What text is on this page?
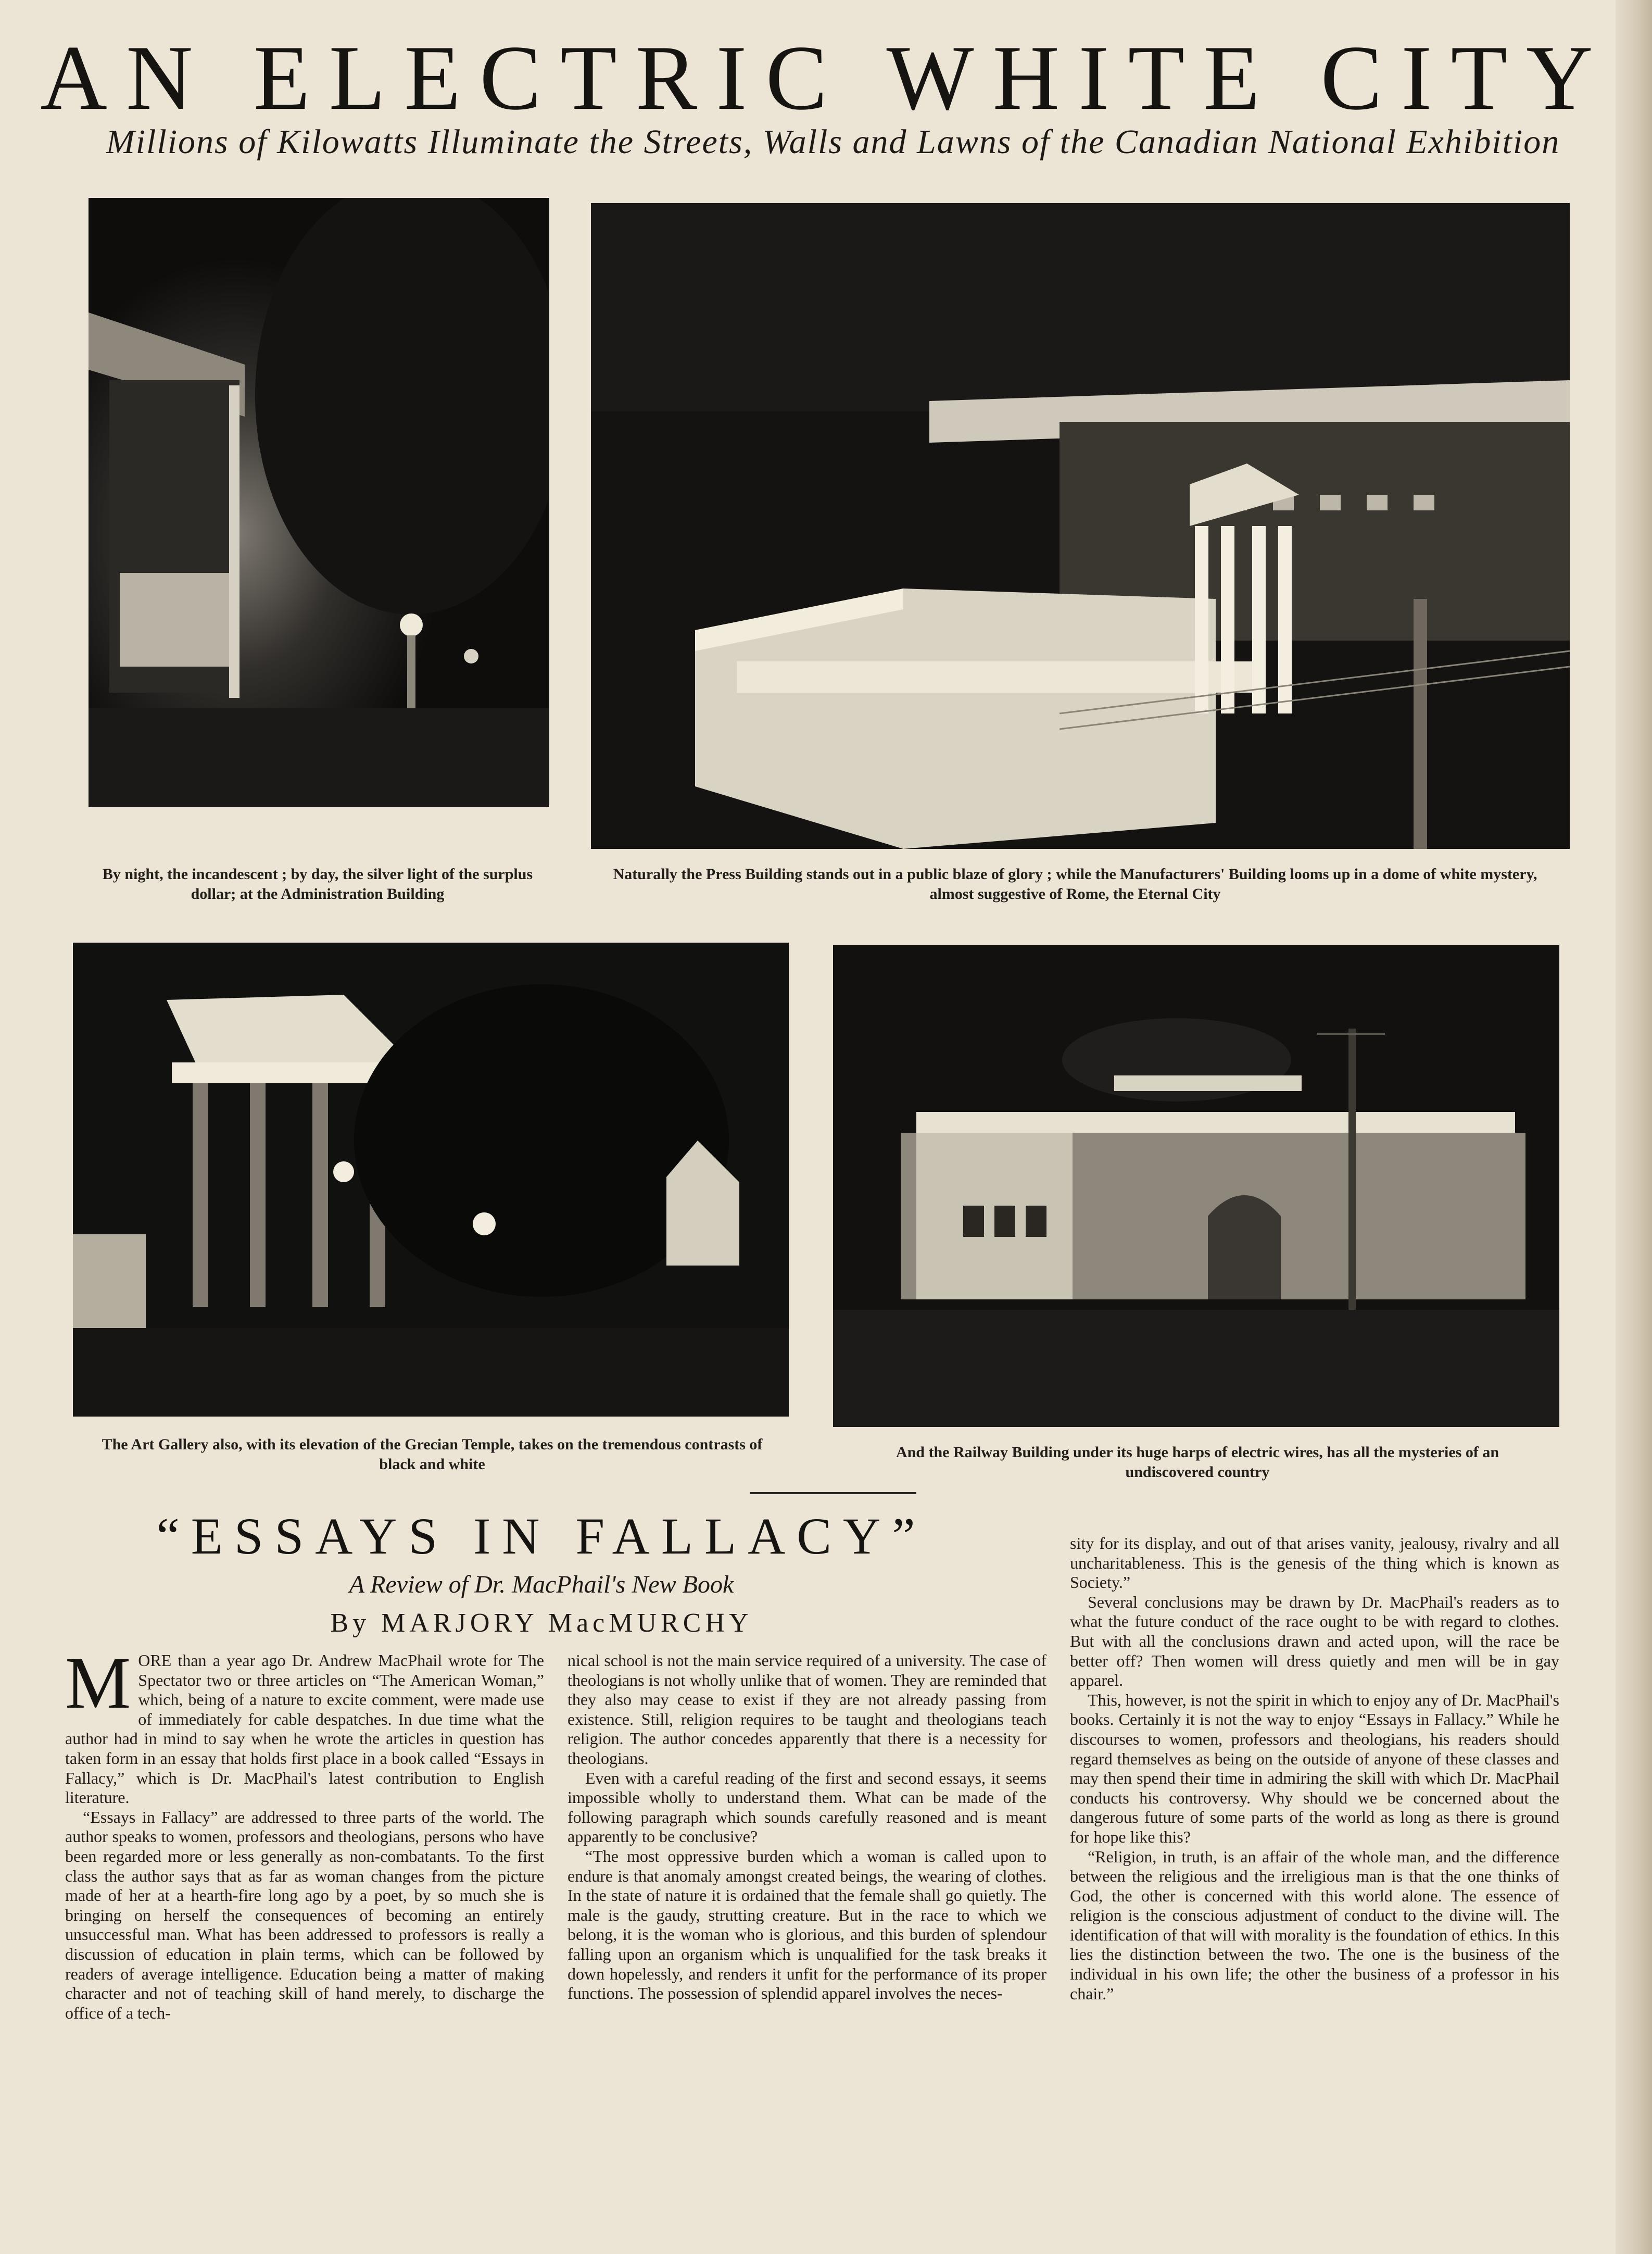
AN ELECTRIC WHITE CITY
Millions of Kilowatts Illuminate the Streets, Walls and Lawns of the Canadian National Exhibition
By night, the incandescent ; by day, the silver light of the surplus dollar; at the Administration Building
Naturally the Press Building stands out in a public blaze of glory ; while the Manufacturers' Building looms up in a dome of white mystery, almost suggestive of Rome, the Eternal City
The Art Gallery also, with its elevation of the Grecian Temple, takes on the tremendous contrasts of black and white
And the Railway Building under its huge harps of electric wires, has all the mysteries of an undiscovered country
“ESSAYS IN FALLACY”
A Review of Dr. MacPhail's New Book
By MARJORY MacMURCHY

MORE than a year ago Dr. Andrew MacPhail wrote for The Spectator two or three articles on “The American Woman,” which, being of a nature to excite comment, were made use of immediately for cable despatches. In due time what the author had in mind to say when he wrote the articles in question has taken form in an essay that holds first place in a book called “Essays in Fallacy,” which is Dr. MacPhail's latest contribution to English literature.

“Essays in Fallacy” are addressed to three parts of the world. The author speaks to women, professors and theologians, persons who have been regarded more or less generally as non-combatants. To the first class the author says that as far as woman changes from the picture made of her at a hearth-fire long ago by a poet, by so much she is bringing on herself the consequences of becoming an entirely unsuccessful man. What has been addressed to professors is really a discussion of education in plain terms, which can be followed by readers of average intelligence. Education being a matter of making character and not of teaching skill of hand merely, to discharge the office of a tech-

nical school is not the main service required of a university. The case of theologians is not wholly unlike that of women. They are reminded that they also may cease to exist if they are not already passing from existence. Still, religion requires to be taught and theologians teach religion. The author concedes apparently that there is a necessity for theologians.

Even with a careful reading of the first and second essays, it seems impossible wholly to understand them. What can be made of the following paragraph which sounds carefully reasoned and is meant apparently to be conclusive?

“The most oppressive burden which a woman is called upon to endure is that anomaly amongst created beings, the wearing of clothes. In the state of nature it is ordained that the female shall go quietly. The male is the gaudy, strutting creature. But in the race to which we belong, it is the woman who is glorious, and this burden of splendour falling upon an organism which is unqualified for the task breaks it down hopelessly, and renders it unfit for the performance of its proper functions. The possession of splendid apparel involves the neces-

sity for its display, and out of that arises vanity, jealousy, rivalry and all uncharitableness. This is the genesis of the thing which is known as Society.”

Several conclusions may be drawn by Dr. MacPhail's readers as to what the future conduct of the race ought to be with regard to clothes. But with all the conclusions drawn and acted upon, will the race be better off? Then women will dress quietly and men will be in gay apparel.

This, however, is not the spirit in which to enjoy any of Dr. MacPhail's books. Certainly it is not the way to enjoy “Essays in Fallacy.” While he discourses to women, professors and theologians, his readers should regard themselves as being on the outside of anyone of these classes and may then spend their time in admiring the skill with which Dr. MacPhail conducts his controversy. Why should we be concerned about the dangerous future of some parts of the world as long as there is ground for hope like this?

“Religion, in truth, is an affair of the whole man, and the difference between the religious and the irreligious man is that the one thinks of God, the other is concerned with this world alone. The essence of religion is the conscious adjustment of conduct to the divine will. The identification of that will with morality is the foundation of ethics. In this lies the distinction between the two. The one is the business of the individual in his own life; the other the business of a professor in his chair.”
